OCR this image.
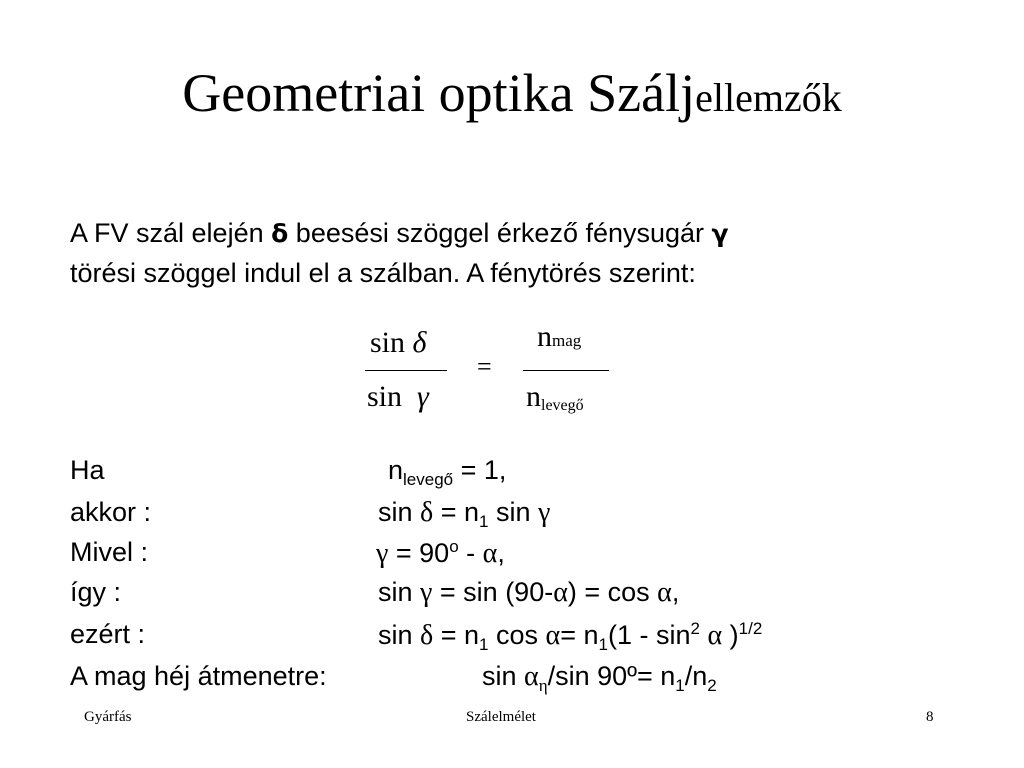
Geometriai optika Száljellemzők
A FV szál elején δ beesési szöggel érkező fénysugár γ
törési szöggel indul el a szálban. A fénytörés szerint:
sin δ
sin γ
=
nmag
nlevegő
Ha	$n_{levegő} = 1$,
akkor :	$\sin \delta = n_1$ sin γ
Mivel :	$\gamma = 90^o - \alpha$,
így :	sin γ = sin (90-α) = cos α,
ezért :	$\sin \delta = n_1$ $\cos \alpha= n_1(1 - \sin^2 \alpha$ )$^{1/2}$
A mag héj átmenetre:	$\sin \alpha_\eta/\sin$ 90º= $n_1/n_2$
Gyárfás	Szálelmélet	8
